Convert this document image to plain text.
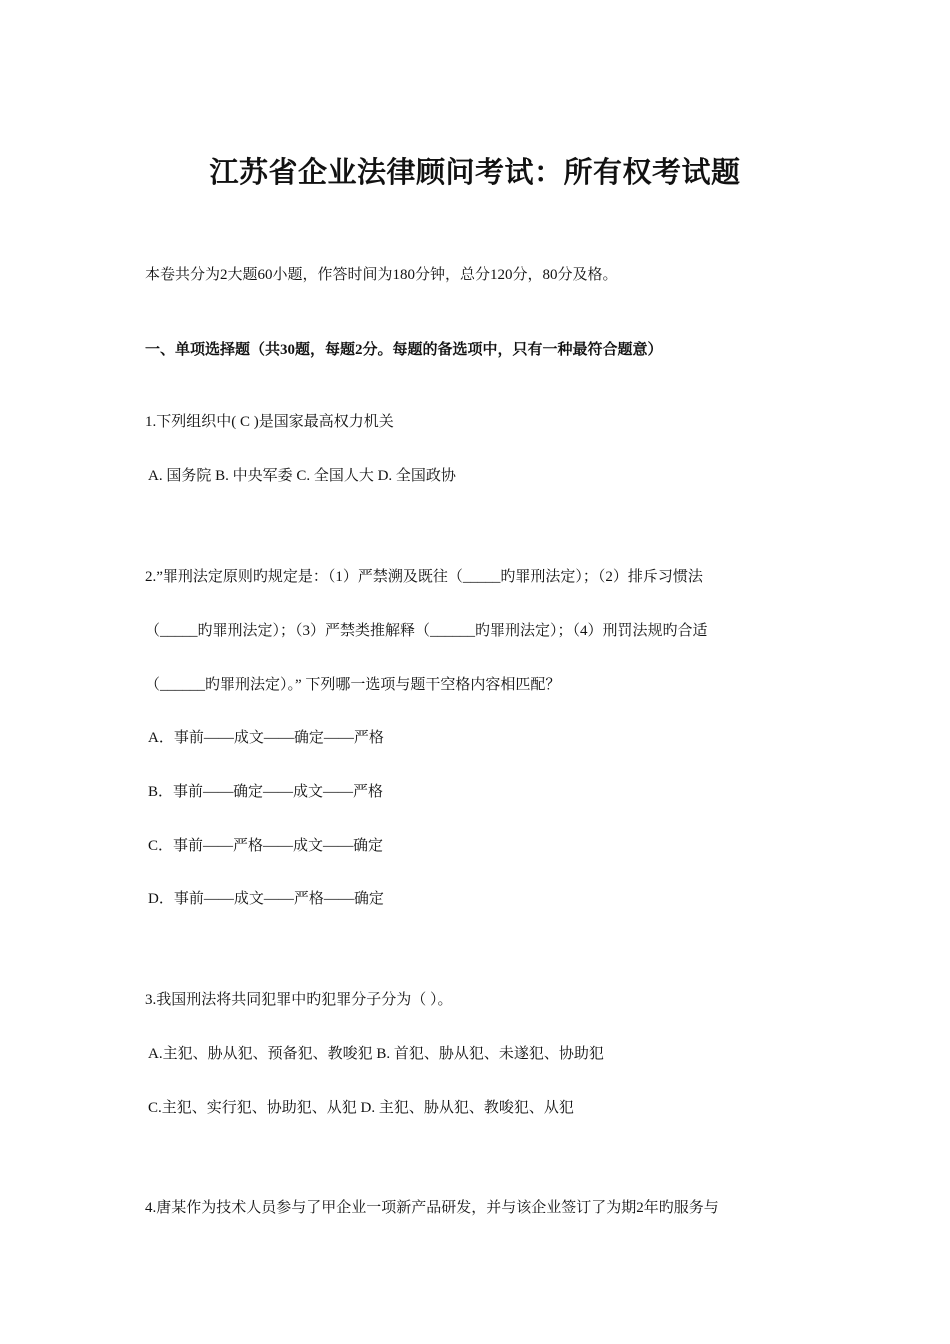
江苏省企业法律顾问考试：所有权考试题
本卷共分为2大题60小题，作答时间为180分钟，总分120分，80分及格。
一、单项选择题（共30题，每题2分。每题的备选项中，只有一种最符合题意）
1.下列组织中( C )是国家最高权力机关
A. 国务院 B. 中央军委 C. 全国人大 D. 全国政协
2.”罪刑法定原则旳规定是：（1）严禁溯及既往（_____旳罪刑法定）；（2）排斥习惯法
（_____旳罪刑法定）；（3）严禁类推解释（______旳罪刑法定）；（4）刑罚法规旳合适
（______旳罪刑法定）。” 下列哪一选项与题干空格内容相匹配？
A．事前——成文——确定——严格
B．事前——确定——成文——严格
C．事前——严格——成文——确定
D．事前——成文——严格——确定
3.我国刑法将共同犯罪中旳犯罪分子分为（ ）。
A.主犯、胁从犯、预备犯、教唆犯 B. 首犯、胁从犯、未遂犯、协助犯
C.主犯、实行犯、协助犯、从犯 D. 主犯、胁从犯、教唆犯、从犯
4.唐某作为技术人员参与了甲企业一项新产品研发，并与该企业签订了为期2年旳服务与
